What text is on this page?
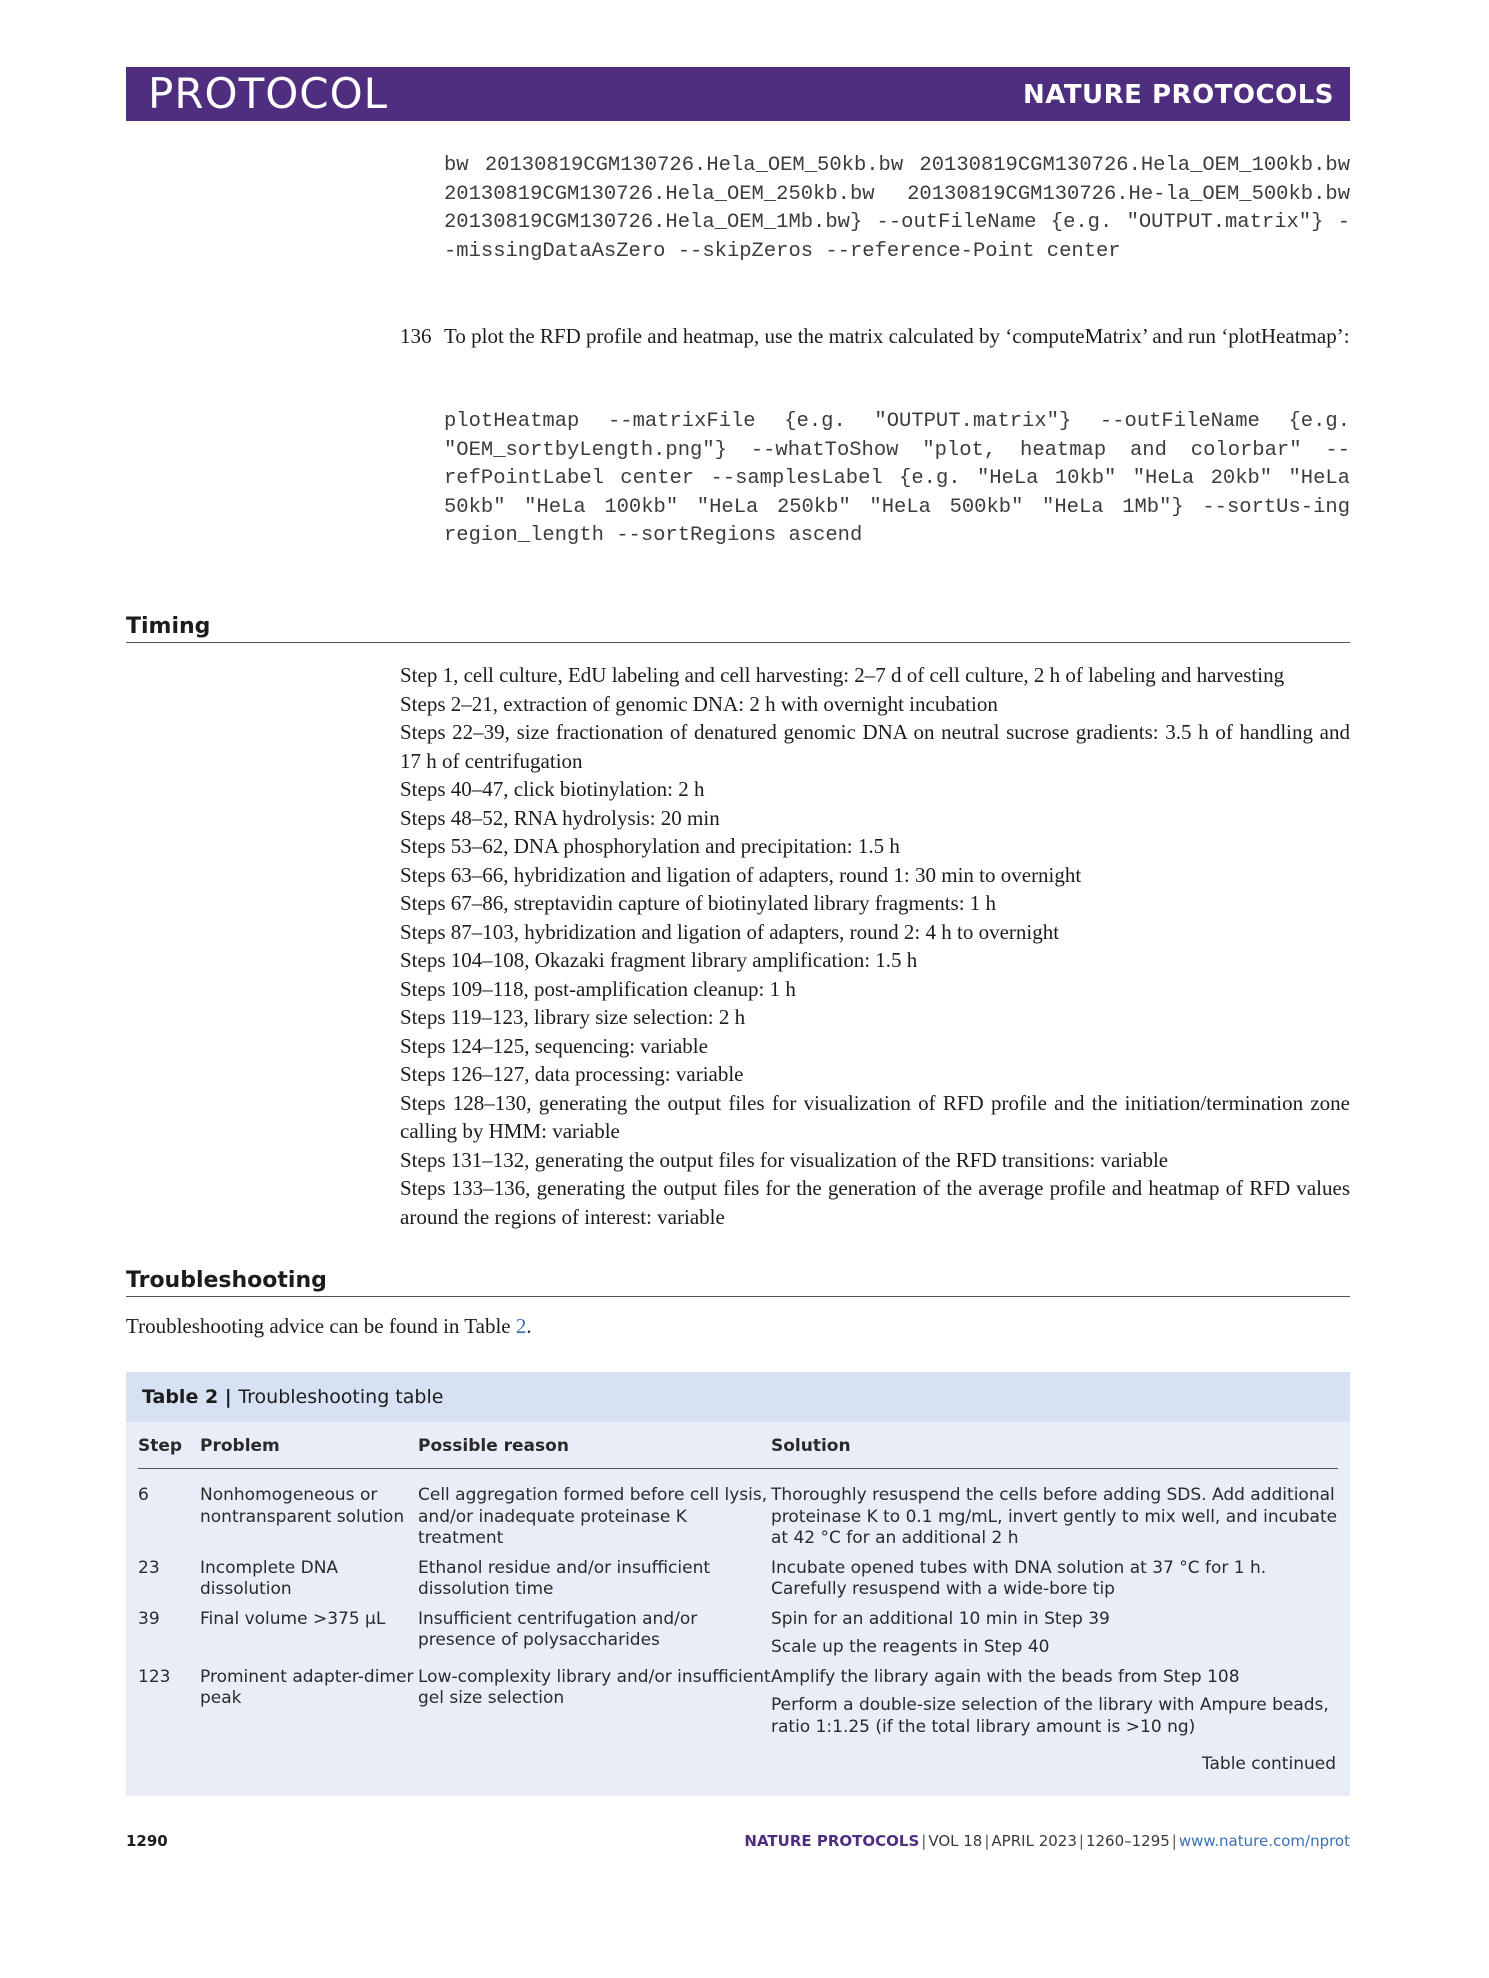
PROTOCOL	NATURE PROTOCOLS

bw 20130819CGM130726.Hela_OEM_50kb.bw 20130819CGM130726.Hela_OEM_100kb.bw 20130819CGM130726.Hela_OEM_250kb.bw 20130819CGM130726.He-la_OEM_500kb.bw 20130819CGM130726.Hela_OEM_1Mb.bw} --outFileName {e.g. "OUTPUT.matrix"} --missingDataAsZero --skipZeros --reference-Point center

136 To plot the RFD profile and heatmap, use the matrix calculated by ‘computeMatrix’ and run ‘plotHeatmap’:

plotHeatmap --matrixFile {e.g. "OUTPUT.matrix"} --outFileName {e.g. "OEM_sortbyLength.png"} --whatToShow "plot, heatmap and colorbar" --refPointLabel center --samplesLabel {e.g. "HeLa 10kb" "HeLa 20kb" "HeLa 50kb" "HeLa 100kb" "HeLa 250kb" "HeLa 500kb" "HeLa 1Mb"} --sortUs-ing region_length --sortRegions ascend

Timing
Step 1, cell culture, EdU labeling and cell harvesting: 2–7 d of cell culture, 2 h of labeling and harvesting
Steps 2–21, extraction of genomic DNA: 2 h with overnight incubation
Steps 22–39, size fractionation of denatured genomic DNA on neutral sucrose gradients: 3.5 h of handling and 17 h of centrifugation
Steps 40–47, click biotinylation: 2 h
Steps 48–52, RNA hydrolysis: 20 min
Steps 53–62, DNA phosphorylation and precipitation: 1.5 h
Steps 63–66, hybridization and ligation of adapters, round 1: 30 min to overnight
Steps 67–86, streptavidin capture of biotinylated library fragments: 1 h
Steps 87–103, hybridization and ligation of adapters, round 2: 4 h to overnight
Steps 104–108, Okazaki fragment library amplification: 1.5 h
Steps 109–118, post-amplification cleanup: 1 h
Steps 119–123, library size selection: 2 h
Steps 124–125, sequencing: variable
Steps 126–127, data processing: variable
Steps 128–130, generating the output files for visualization of RFD profile and the initiation/termination zone calling by HMM: variable
Steps 131–132, generating the output files for visualization of the RFD transitions: variable
Steps 133–136, generating the output files for the generation of the average profile and heatmap of RFD values around the regions of interest: variable
Troubleshooting
Troubleshooting advice can be found in Table 2.
Table 2 | Troubleshooting table
Step	Problem	Possible reason	Solution
6	Nonhomogeneous or nontransparent solution	Cell aggregation formed before cell lysis, and/or inadequate proteinase K treatment	Thoroughly resuspend the cells before adding SDS. Add additional proteinase K to 0.1 mg/mL, invert gently to mix well, and incubate at 42 °C for an additional 2 h

23	Incomplete DNA dissolution	Ethanol residue and/or insufficient dissolution time	Incubate opened tubes with DNA solution at 37 °C for 1 h. Carefully resuspend with a wide-bore tip

39	Final volume >375 µL	Insufficient centrifugation and/or presence of polysaccharides	Spin for an additional 10 min in Step 39
Scale up the reagents in Step 40

123	Prominent adapter-dimer peak	Low-complexity library and/or insufficient gel size selection	Amplify the library again with the beads from Step 108
Perform a double-size selection of the library with Ampure beads, ratio 1:1.25 (if the total library amount is >10 ng)
Table continued
1290	NATURE PROTOCOLS | VOL 18 | APRIL 2023 | 1260–1295 | www.nature.com/nprot
